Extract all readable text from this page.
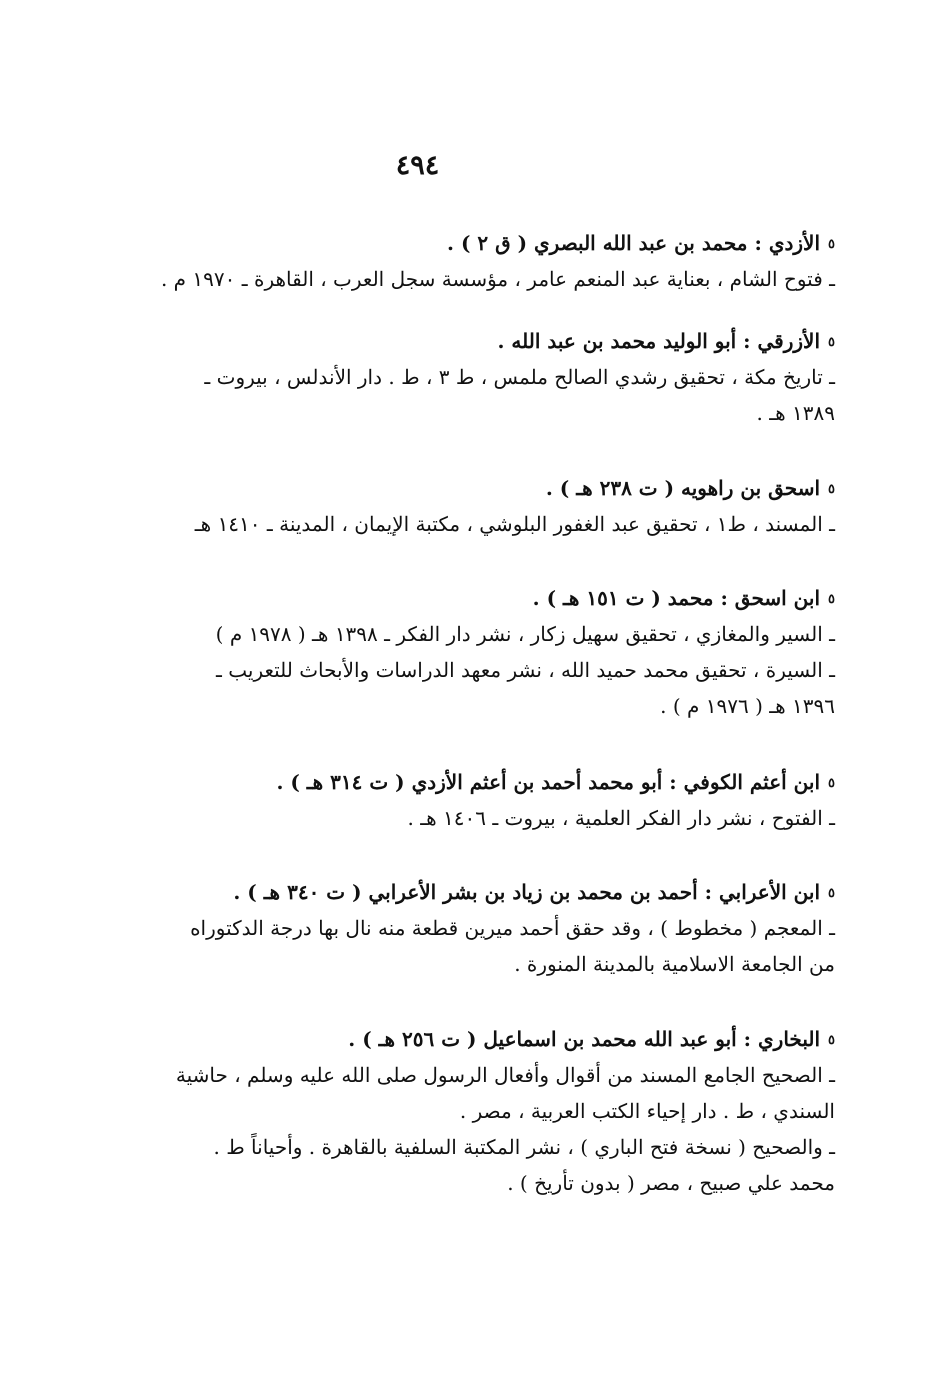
٤٩٤
٥الأزدي : محمد بن عبد الله البصري ( ق ٢ ) .
ـ فتوح الشام ، بعناية عبد المنعم عامر ، مؤسسة سجل العرب ، القاهرة ـ ١٩٧٠ م .
٥الأزرقي : أبو الوليد محمد بن عبد الله .
ـ تاريخ مكة ، تحقيق رشدي الصالح ملمس ، ط ٣ ، ط . دار الأندلس ، بيروت ـ
١٣٨٩ هـ .
٥اسحق بن راهويه ( ت ٢٣٨ هـ ) .
ـ المسند ، ط١ ، تحقيق عبد الغفور البلوشي ، مكتبة الإيمان ، المدينة ـ ١٤١٠ هـ
٥ابن اسحق : محمد ( ت ١٥١ هـ ) .
ـ السير والمغازي ، تحقيق سهيل زكار ، نشر دار الفكر ـ ١٣٩٨ هـ ( ١٩٧٨ م )
ـ السيرة ، تحقيق محمد حميد الله ، نشر معهد الدراسات والأبحاث للتعريب ـ
١٣٩٦ هـ ( ١٩٧٦ م ) .
٥ابن أعثم الكوفي : أبو محمد أحمد بن أعثم الأزدي ( ت ٣١٤ هـ ) .
ـ الفتوح ، نشر دار الفكر العلمية ، بيروت ـ ١٤٠٦ هـ .
٥ابن الأعرابي : أحمد بن محمد بن زياد بن بشر الأعرابي ( ت ٣٤٠ هـ ) .
ـ المعجم ( مخطوط ) ، وقد حقق أحمد ميرين قطعة منه نال بها درجة الدكتوراه
من الجامعة الاسلامية بالمدينة المنورة .
٥البخاري : أبو عبد الله محمد بن اسماعيل ( ت ٢٥٦ هـ ) .
ـ الصحيح الجامع المسند من أقوال وأفعال الرسول صلى الله عليه وسلم ، حاشية
السندي ، ط . دار إحياء الكتب العربية ، مصر .
ـ والصحيح ( نسخة فتح الباري ) ، نشر المكتبة السلفية بالقاهرة . وأحياناً ط .
محمد علي صبيح ، مصر ( بدون تأريخ ) .
